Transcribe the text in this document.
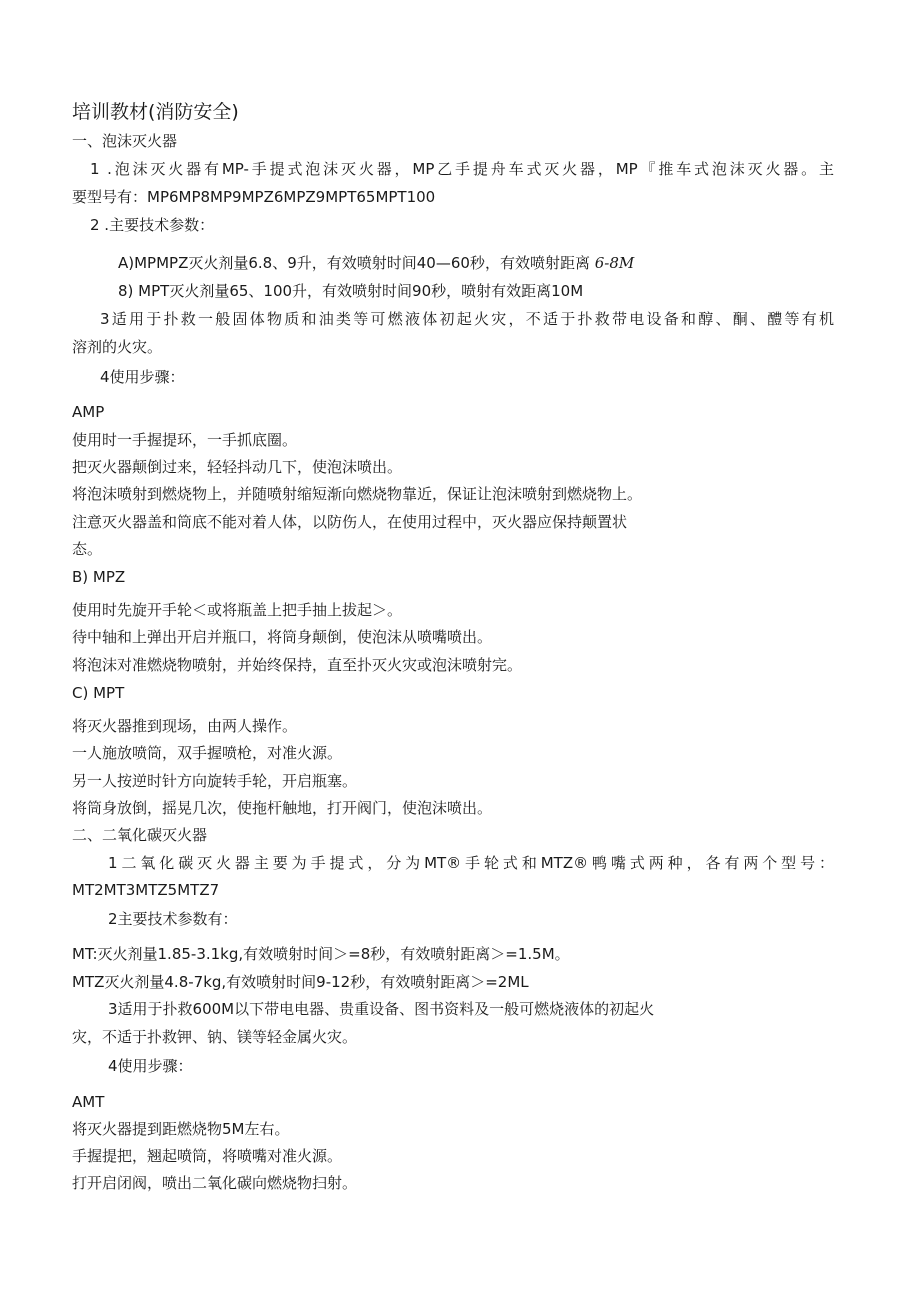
培训教材(消防安全)
一、泡沫灭火器
1 .泡沫灭火器有MP-手提式泡沫灭火器，MP乙手提舟车式灭火器，MP『推车式泡沫灭火器。主
要型号有：MP6MP8MP9MPZ6MPZ9MPT65MPT100
2 .主要技术参数：
A)MPMPZ灭火剂量6.8、9升，有效喷射时间40—60秒，有效喷射距离 6-8M
8) MPT灭火剂量65、100升，有效喷射时间90秒，喷射有效距离10M
3适用于扑救一般固体物质和油类等可燃液体初起火灾，不适于扑救带电设备和醇、酮、醴等有机
溶剂的火灾。
4使用步骤：
AMP
使用时一手握提环，一手抓底圈。
把灭火器颠倒过来，轻轻抖动几下，使泡沫喷出。
将泡沫喷射到燃烧物上，并随喷射缩短渐向燃烧物靠近，保证让泡沫喷射到燃烧物上。
注意灭火器盖和筒底不能对着人体，以防伤人，在使用过程中，灭火器应保持颠置状
态。
B) MPZ
使用时先旋开手轮＜或将瓶盖上把手抽上拔起＞。
待中轴和上弹出开启并瓶口，将筒身颠倒，使泡沫从喷嘴喷出。
将泡沫对准燃烧物喷射，并始终保持，直至扑灭火灾或泡沫喷射完。
C) MPT
将灭火器推到现场，由两人操作。
一人施放喷筒，双手握喷枪，对准火源。
另一人按逆时针方向旋转手轮，开启瓶塞。
将筒身放倒，摇晃几次，使拖杆触地，打开阀门，使泡沫喷出。
二、二氧化碳灭火器
1二氧化碳灭火器主要为手提式，分为MT®手轮式和MTZ®鸭嘴式两种，各有两个型号：
MT2MT3MTZ5MTZ7
2主要技术参数有：
MT:灭火剂量1.85-3.1kg,有效喷射时间＞=8秒，有效喷射距离＞=1.5M。
MTZ灭火剂量4.8-7kg,有效喷射时间9-12秒，有效喷射距离＞=2ML
3适用于扑救600M以下带电电器、贵重设备、图书资料及一般可燃烧液体的初起火
灾，不适于扑救钾、钠、镁等轻金属火灾。
4使用步骤：
AMT
将灭火器提到距燃烧物5M左右。
手握提把，翘起喷筒，将喷嘴对准火源。
打开启闭阀，喷出二氧化碳向燃烧物扫射。
